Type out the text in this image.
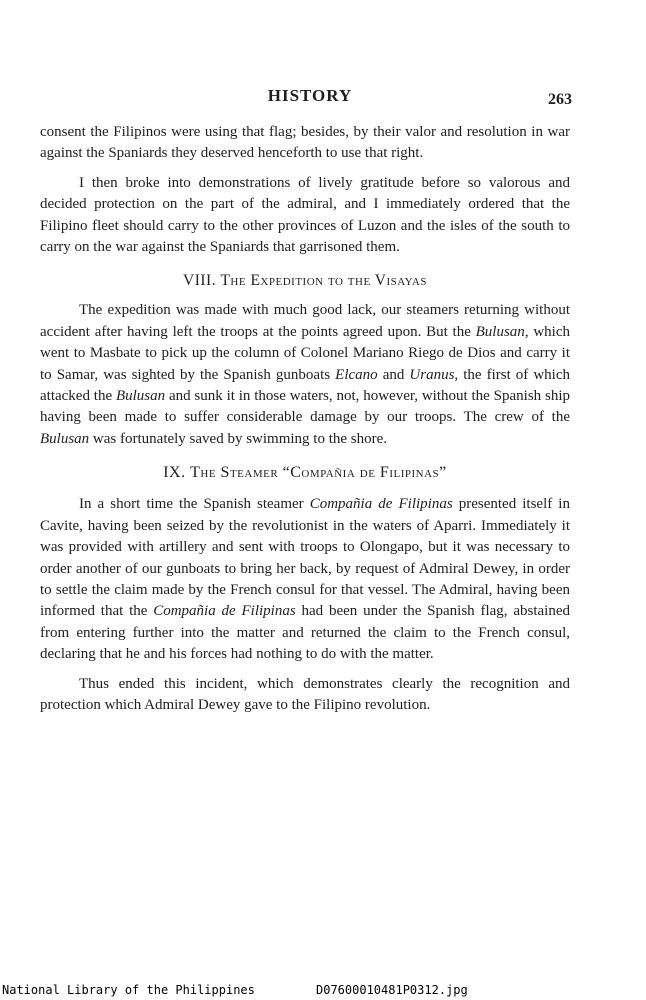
HISTORY	263

consent the Filipinos were using that flag; besides, by their valor and resolution in war against the Spaniards they deserved henceforth to use that right.

I then broke into demonstrations of lively gratitude before so valorous and decided protection on the part of the admiral, and I immediately ordered that the Filipino fleet should carry to the other provinces of Luzon and the isles of the south to carry on the war against the Spaniards that garrisoned them.

VIII. The Expedition to the Visayas

The expedition was made with much good lack, our steamers returning without accident after having left the troops at the points agreed upon. But the Bulusan, which went to Masbate to pick up the column of Colonel Mariano Riego de Dios and carry it to Samar, was sighted by the Spanish gunboats Elcano and Uranus, the first of which attacked the Bulusan and sunk it in those waters, not, however, without the Spanish ship having been made to suffer considerable damage by our troops. The crew of the Bulusan was fortunately saved by swimming to the shore.

IX. The Steamer “Compañia de Filipinas”

In a short time the Spanish steamer Compañia de Filipinas presented itself in Cavite, having been seized by the revolutionist in the waters of Aparri. Immediately it was provided with artillery and sent with troops to Olongapo, but it was necessary to order another of our gunboats to bring her back, by request of Admiral Dewey, in order to settle the claim made by the French consul for that vessel. The Admiral, having been informed that the Compañia de Filipinas had been under the Spanish flag, abstained from entering further into the matter and returned the claim to the French consul, declaring that he and his forces had nothing to do with the matter.

Thus ended this incident, which demonstrates clearly the recognition and protection which Admiral Dewey gave to the Filipino revolution.

National Library of the Philippines	D07600010481P0312.jpg
